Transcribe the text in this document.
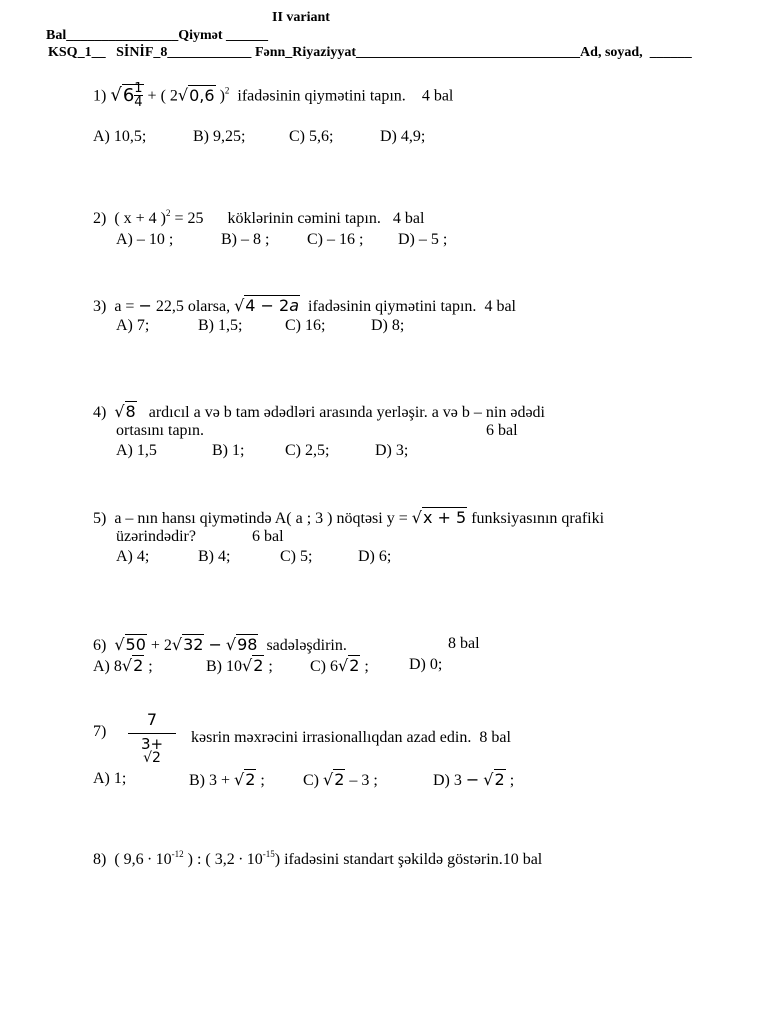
II variant
Bal________________Qiymət ______
KSQ_1__ SİNİF_8____________ Fənn_Riyaziyyat________________________________Ad, soyad, ______
1) $√6 \frac{1}{4}$ + ( 2√0,6 )$^2$ ifadəsinin qiymətini tapın. 4 bal
A) 10,5;	B) 9,25;	C) 5,6;	D) 4,9;
2) ( x + 4 )$^2$ = 25 köklərinin cəmini tapın. 4 bal
A) – 10 ;	B) – 8 ; C) – 16 ; D) – 5 ;
3) a = − 22,5 olarsa, √4 − 2a ifadəsinin qiymətini tapın. 4 bal
A) 7;	B) 1,5;	C) 16;	D) 8;
4) √8 ardıcıl a və b tam ədədləri arasında yerləşir. a və b – nin ədədi
ortasını tapın.	6 bal
A) 1,5	B) 1;	C) 2,5;	D) 3;
5) a – nın hansı qiymətində A( a ; 3 ) nöqtəsi y = √x + 5 funksiyasının qrafiki
üzərindədir?	6 bal
A) 4;	B) 4;	C) 5;	D) 6;
6) √50 + 2√32 − √98 sadələşdirin.	8 bal
A) 8√2 ;	B) 10√2 ; C) 6√2 ;	D) 0;
7)
7
3+
√2
kəsrin məxrəcini irrasionallıqdan azad edin. 8 bal
A) 1;	B) 3 + √2 ; C) √2 – 3 ;	D) 3 − √2 ;
8) ( $9,6 \cdot 10^{-12}$ ) : ( $3,2 \cdot 10^{-15}$) ifadəsini standart şəkildə göstərin.10 bal
